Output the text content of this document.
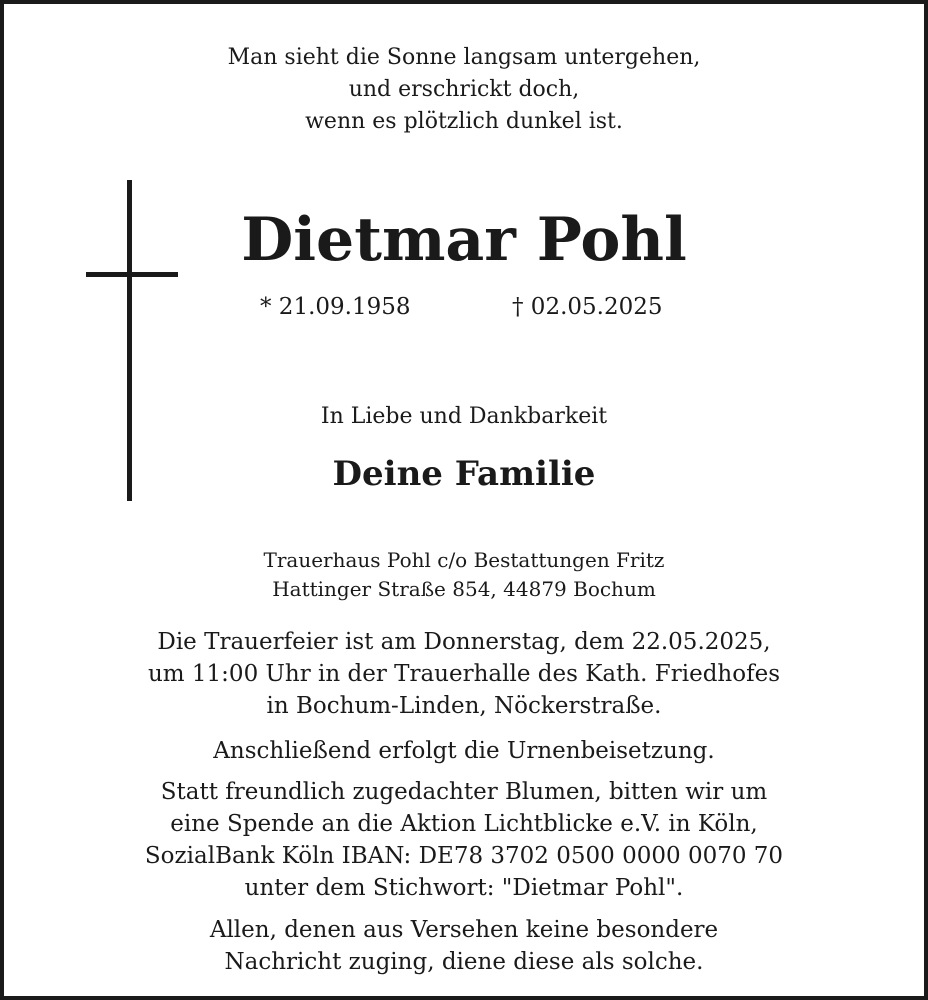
Man sieht die Sonne langsam untergehen,
und erschrickt doch,
wenn es plötzlich dunkel ist.
Dietmar Pohl
* 21.09.1958	† 02.05.2025
In Liebe und Dankbarkeit
Deine Familie
Trauerhaus Pohl c/o Bestattungen Fritz
Hattinger Straße 854, 44879 Bochum
Die Trauerfeier ist am Donnerstag, dem 22.05.2025,
um 11:00 Uhr in der Trauerhalle des Kath. Friedhofes
in Bochum-Linden, Nöckerstraße.
Anschließend erfolgt die Urnenbeisetzung.
Statt freundlich zugedachter Blumen, bitten wir um
eine Spende an die Aktion Lichtblicke e.V. in Köln,
SozialBank Köln IBAN: DE78 3702 0500 0000 0070 70
unter dem Stichwort: "Dietmar Pohl".
Allen, denen aus Versehen keine besondere
Nachricht zuging, diene diese als solche.
